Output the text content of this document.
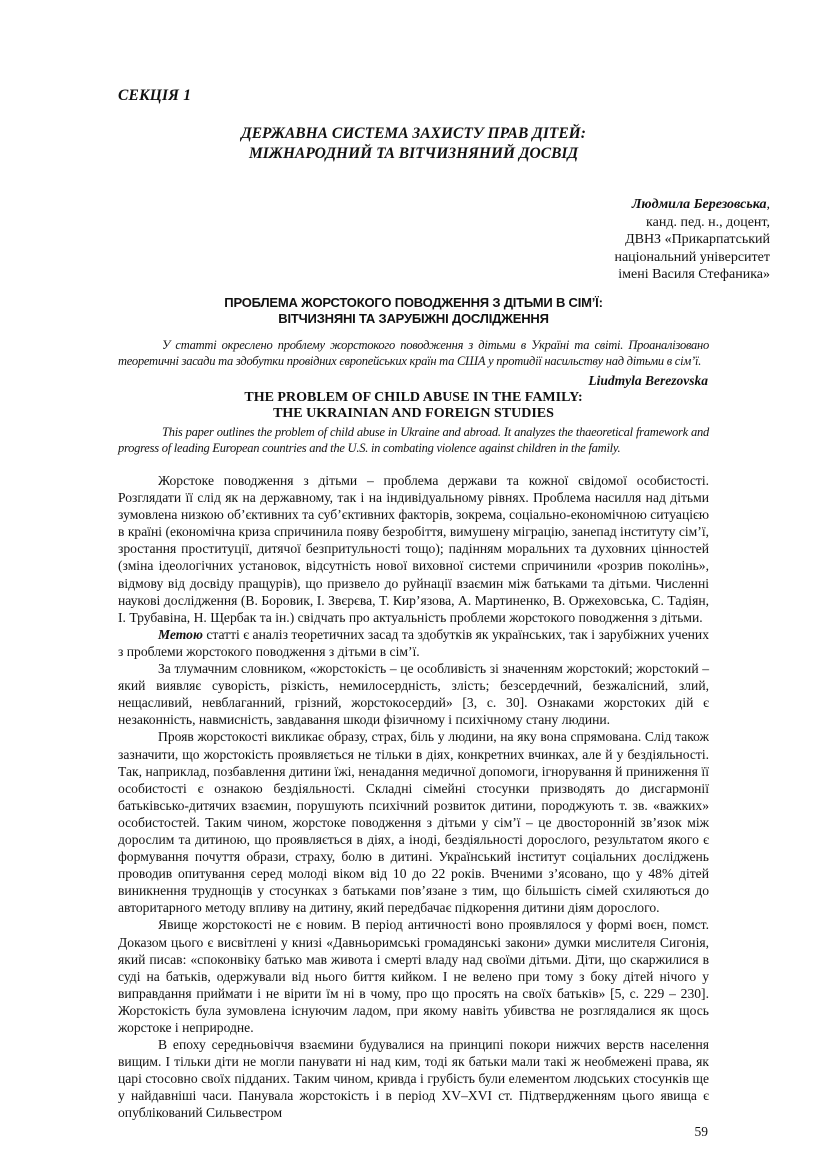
СЕКЦІЯ 1
ДЕРЖАВНА СИСТЕМА ЗАХИСТУ ПРАВ ДІТЕЙ:
МІЖНАРОДНИЙ ТА ВІТЧИЗНЯНИЙ ДОСВІД
Людмила Березовська,
канд. пед. н., доцент,
ДВНЗ «Прикарпатський
національний університет
імені Василя Стефаника»
ПРОБЛЕМА ЖОРСТОКОГО ПОВОДЖЕННЯ З ДІТЬМИ В СІМ’Ї:
ВІТЧИЗНЯНІ ТА ЗАРУБІЖНІ ДОСЛІДЖЕННЯ
У статті окреслено проблему жорстокого поводження з дітьми в Україні та світі. Проаналізовано теоретичні засади та здобутки провідних європейських країн та США у протидії насильству над дітьми в сім’ї.
Liudmyla Berezovska
THE PROBLEM OF CHILD ABUSE IN THE FAMILY:
THE UKRAINIAN AND FOREIGN STUDIES
This paper outlines the problem of child abuse in Ukraine and abroad. It analyzes the thaeoretical framework and progress of leading European countries and the U.S. in combating violence against children in the family.

Жорстоке поводження з дітьми – проблема держави та кожної свідомої особистості. Розглядати її слід як на державному, так і на індивідуальному рівнях. Проблема насилля над дітьми зумовлена низкою об’єктивних та суб’єктивних факторів, зокрема, соціально-економічною ситуацією в країні (економічна криза спричинила появу безробіття, вимушену міграцію, занепад інституту сім’ї, зростання проституції, дитячої безпритульності тощо); падінням моральних та духовних цінностей (зміна ідеологічних установок, відсутність нової виховної системи спричинили «розрив поколінь», відмову від досвіду пращурів), що призвело до руйнації взаємин між батьками та дітьми. Численні наукові дослідження (В. Боровик, І. Звєрєва, Т. Кир’язова, А. Мартиненко, В. Оржеховська, С. Тадіян, І. Трубавіна, Н. Щербак та ін.) свідчать про актуальність проблеми жорстокого поводження з дітьми.

Метою статті є аналіз теоретичних засад та здобутків як українських, так і зарубіжних учених з проблеми жорстокого поводження з дітьми в сім’ї.

За тлумачним словником, «жорстокість – це особливість зі значенням жорстокий; жорстокий – який виявляє суворість, різкість, немилосердність, злість; безсердечний, безжалісний, злий, нещасливий, невблаганний, грізний, жорстокосердий» [3, с. 30]. Ознаками жорстоких дій є незаконність, навмисність, завдавання шкоди фізичному і психічному стану людини.

Прояв жорстокості викликає образу, страх, біль у людини, на яку вона спрямована. Слід також зазначити, що жорстокість проявляється не тільки в діях, конкретних вчинках, але й у бездіяльності. Так, наприклад, позбавлення дитини їжі, ненадання медичної допомоги, ігнорування й приниження її особистості є ознакою бездіяльності. Складні сімейні стосунки призводять до дисгармонії батьківсько-дитячих взаємин, порушують психічний розвиток дитини, породжують т. зв. «важких» особистостей. Таким чином, жорстоке поводження з дітьми у сім’ї – це двосторонній зв’язок між дорослим та дитиною, що проявляється в діях, а іноді, бездіяльності дорослого, результатом якого є формування почуття образи, страху, болю в дитині. Український інститут соціальних досліджень проводив опитування серед молоді віком від 10 до 22 років. Вченими з’ясовано, що у 48% дітей виникнення труднощів у стосунках з батьками пов’язане з тим, що більшість сімей схиляються до авторитарного методу впливу на дитину, який передбачає підкорення дитини діям дорослого.

Явище жорстокості не є новим. В період античності воно проявлялося у формі воєн, помст. Доказом цього є висвітлені у книзі «Давньоримські громадянські закони» думки мислителя Сигонія, який писав: «споконвіку батько мав живота і смерті владу над своїми дітьми. Діти, що скаржилися в суді на батьків, одержували від нього биття кийком. І не велено при тому з боку дітей нічого у виправдання приймати і не вірити їм ні в чому, про що просять на своїх батьків» [5, с. 229 – 230]. Жорстокість була зумовлена існуючим ладом, при якому навіть убивства не розглядалися як щось жорстоке і неприродне.

В епоху середньовіччя взаємини будувалися на принципі покори нижчих верств населення вищим. І тільки діти не могли панувати ні над ким, тоді як батьки мали такі ж необмежені права, як царі стосовно своїх підданих. Таким чином, кривда і грубість були елементом людських стосунків ще у найдавніші часи. Панувала жорстокість і в період XV–XVI ст. Підтвердженням цього явища є опублікований Сильвестром

59
